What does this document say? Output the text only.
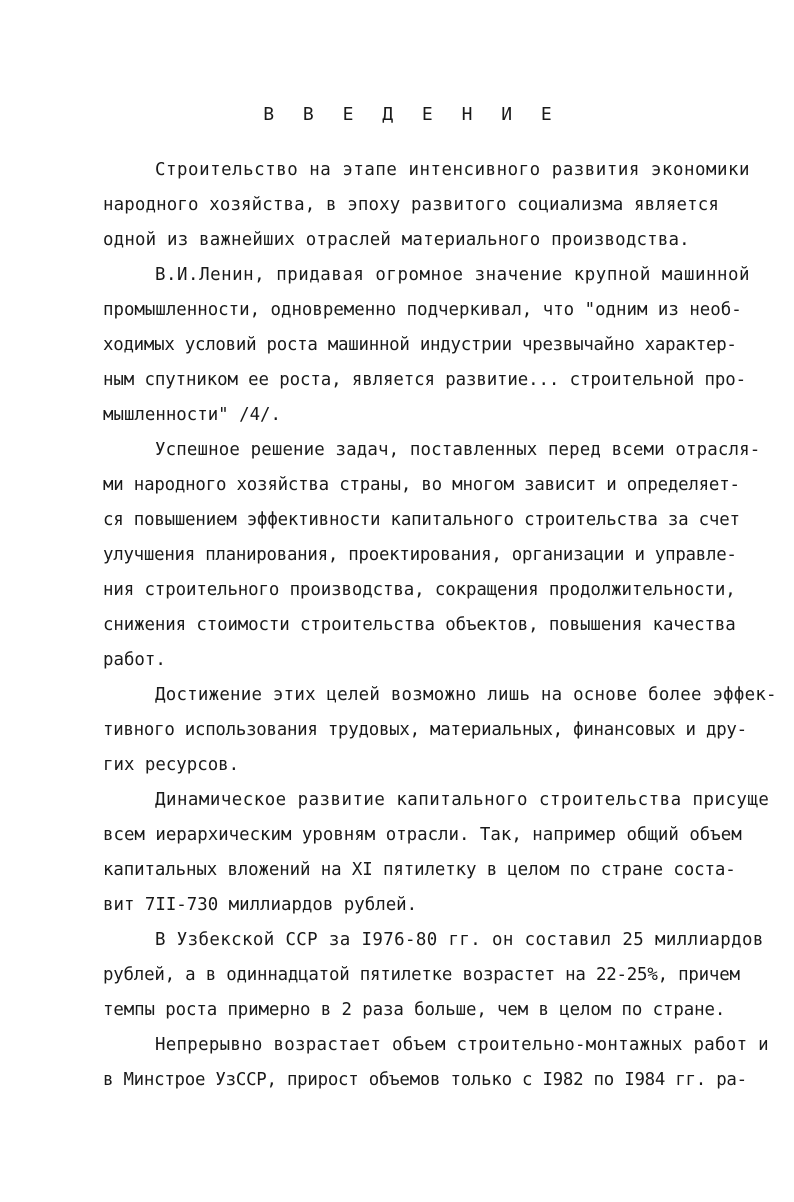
В В Е Д Е Н И Е
Строительство на этапе интенсивного развития экономики
народного хозяйства, в эпоху развитого социализма является
одной из важнейших отраслей материального производства.
В.И.Ленин, придавая огромное значение крупной машинной
промышленности, одновременно подчеркивал, что "одним из необ-
ходимых условий роста машинной индустрии чрезвычайно характер-
ным спутником ее роста, является развитие... строительной про-
мышленности" /4/.
Успешное решение задач, поставленных перед всеми отрасля-
ми народного хозяйства страны, во многом зависит и определяет-
ся повышением эффективности капитального строительства за счет
улучшения планирования, проектирования, организации и управле-
ния строительного производства, сокращения продолжительности,
снижения стоимости строительства объектов, повышения качества
работ.
Достижение этих целей возможно лишь на основе более эффек-
тивного использования трудовых, материальных, финансовых и дру-
гих ресурсов.
Динамическое развитие капитального строительства присуще
всем иерархическим уровням отрасли. Так, например общий объем
капитальных вложений на XI пятилетку в целом по стране соста-
вит 7II-730 миллиардов рублей.
В Узбекской ССР за I976-80 гг. он составил 25 миллиардов
рублей, а в одиннадцатой пятилетке возрастет на 22-25%, причем
темпы роста примерно в 2 раза больше, чем в целом по стране.
Непрерывно возрастает объем строительно-монтажных работ и
в Минстрое УзССР, прирост объемов только с I982 по I984 гг. ра-
